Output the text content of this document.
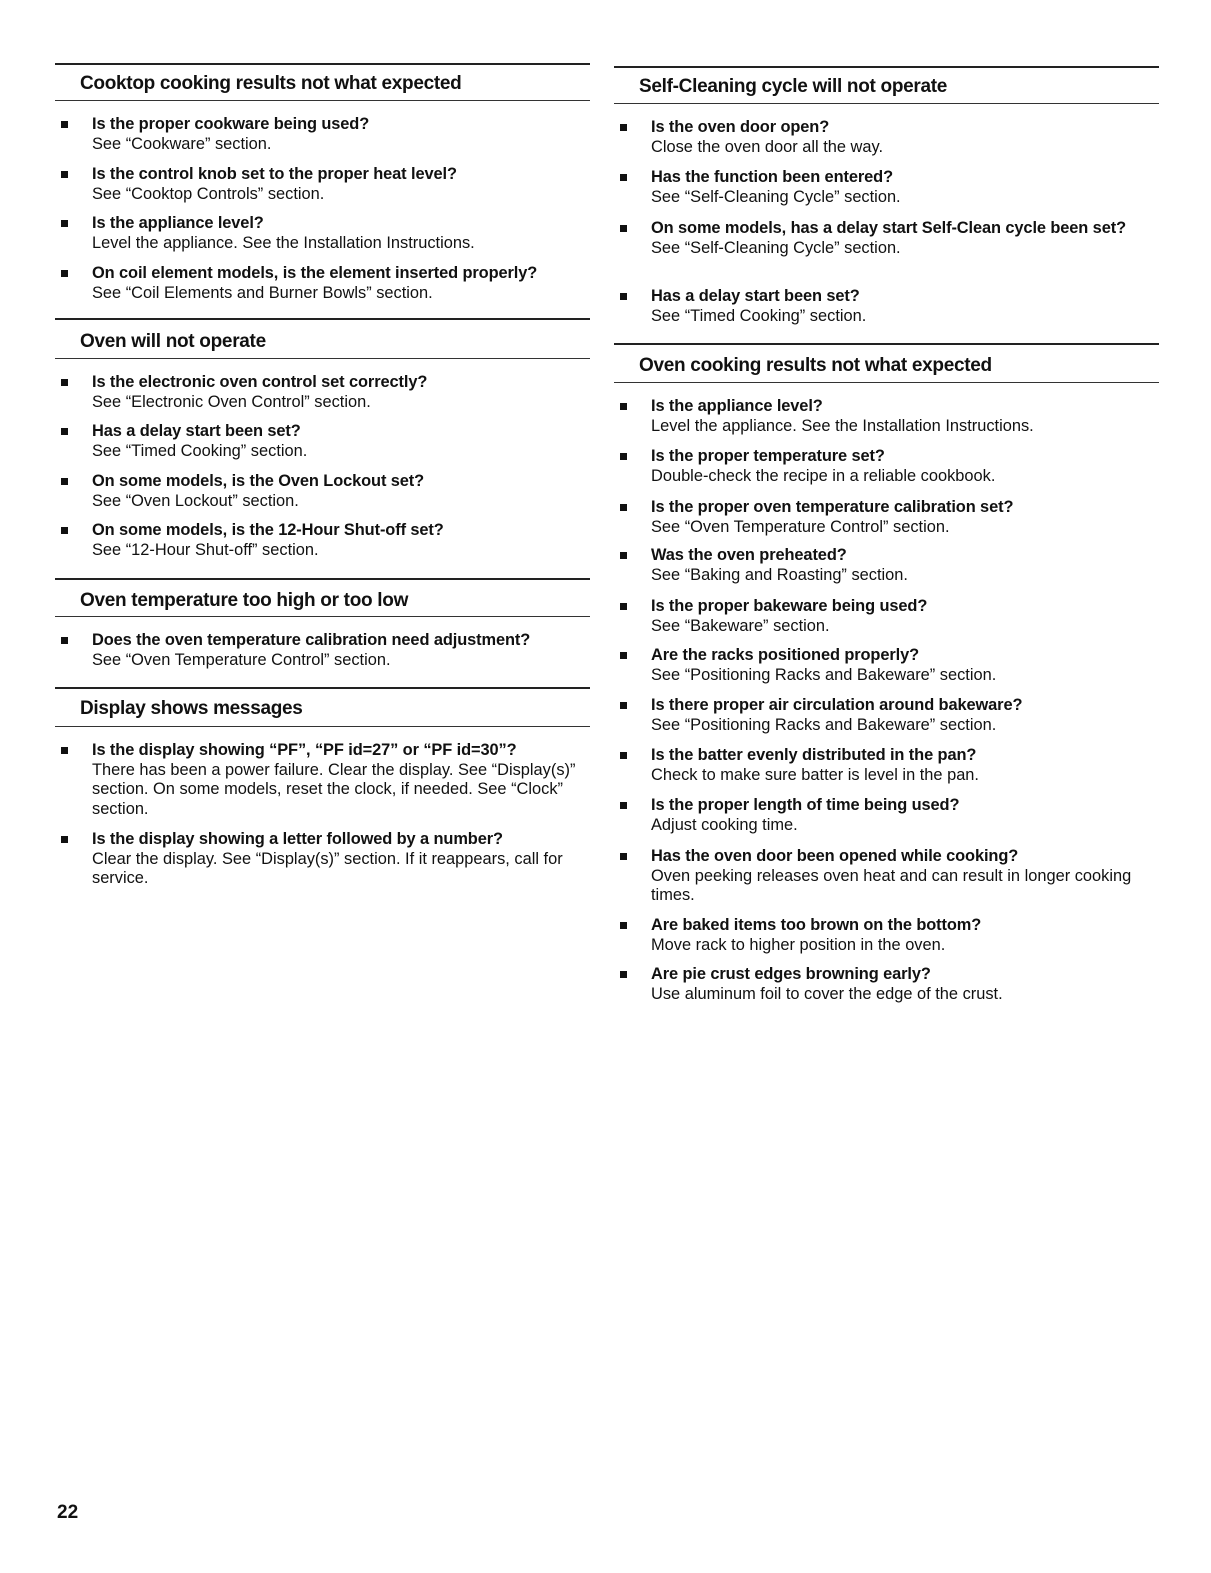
Cooktop cooking results not what expected
Is the proper cookware being used?
See “Cookware” section.
Is the control knob set to the proper heat level?
See “Cooktop Controls” section.
Is the appliance level?
Level the appliance. See the Installation Instructions.
On coil element models, is the element inserted properly?
See “Coil Elements and Burner Bowls” section.
Oven will not operate
Is the electronic oven control set correctly?
See “Electronic Oven Control” section.
Has a delay start been set?
See “Timed Cooking” section.
On some models, is the Oven Lockout set?
See “Oven Lockout” section.
On some models, is the 12-Hour Shut-off set?
See “12-Hour Shut-off” section.
Oven temperature too high or too low
Does the oven temperature calibration need adjustment?
See “Oven Temperature Control” section.
Display shows messages
Is the display showing “PF”, “PF id=27” or “PF id=30”?
There has been a power failure. Clear the display. See “Display(s)” section. On some models, reset the clock, if needed. See “Clock” section.
Is the display showing a letter followed by a number?
Clear the display. See “Display(s)” section. If it reappears, call for service.
Self-Cleaning cycle will not operate
Is the oven door open?
Close the oven door all the way.
Has the function been entered?
See “Self-Cleaning Cycle” section.
On some models, has a delay start Self-Clean cycle been set?
See “Self-Cleaning Cycle” section.
Has a delay start been set?
See “Timed Cooking” section.
Oven cooking results not what expected
Is the appliance level?
Level the appliance. See the Installation Instructions.
Is the proper temperature set?
Double-check the recipe in a reliable cookbook.
Is the proper oven temperature calibration set?
See “Oven Temperature Control” section.
Was the oven preheated?
See “Baking and Roasting” section.
Is the proper bakeware being used?
See “Bakeware” section.
Are the racks positioned properly?
See “Positioning Racks and Bakeware” section.
Is there proper air circulation around bakeware?
See “Positioning Racks and Bakeware” section.
Is the batter evenly distributed in the pan?
Check to make sure batter is level in the pan.
Is the proper length of time being used?
Adjust cooking time.
Has the oven door been opened while cooking?
Oven peeking releases oven heat and can result in longer cooking times.
Are baked items too brown on the bottom?
Move rack to higher position in the oven.
Are pie crust edges browning early?
Use aluminum foil to cover the edge of the crust.
22
